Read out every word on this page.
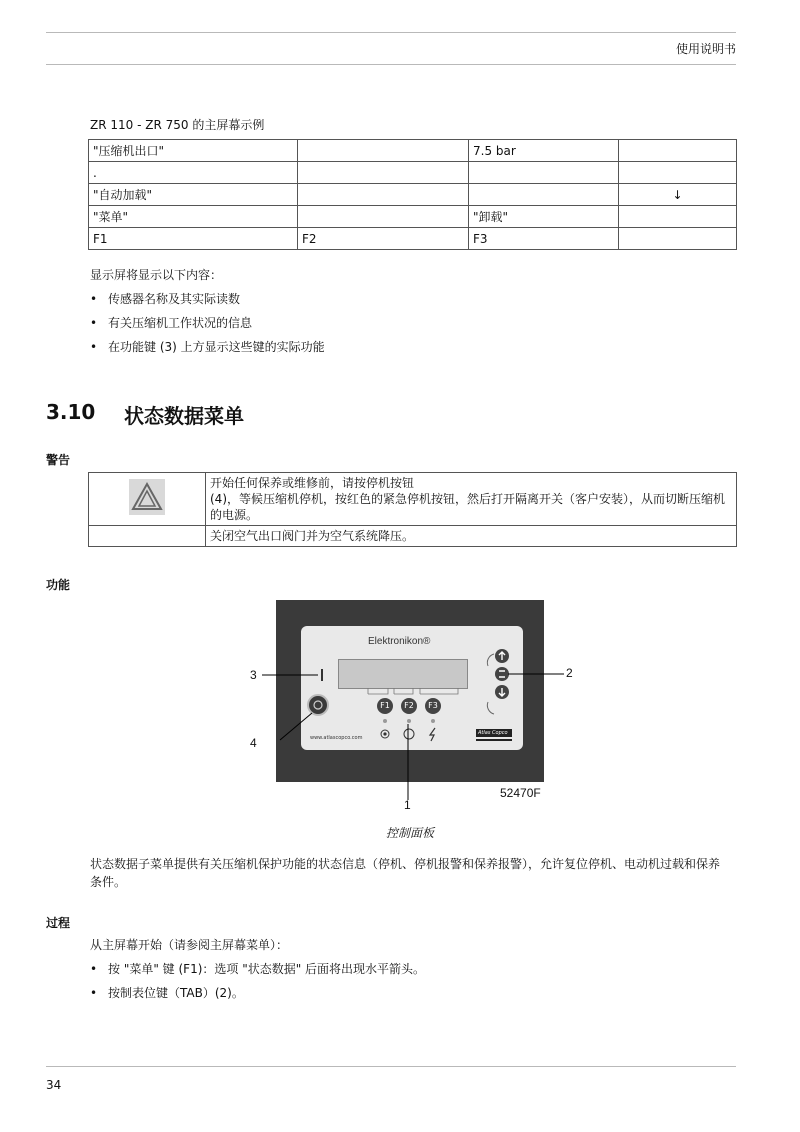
使用说明书
ZR 110 - ZR 750 的主屏幕示例
"压缩机出口"		7.5 bar	
.			
"自动加载"			↓
"菜单"		"卸载"	
F1	F2	F3	
显示屏将显示以下内容：
• 传感器名称及其实际读数
• 有关压缩机工作状况的信息
• 在功能键 (3) 上方显示这些键的实际功能
3.10 状态数据菜单
警告
	开始任何保养或维修前，请按停机按钮
(4)，等候压缩机停机，按红色的紧急停机按钮，然后打开隔离开关（客户安装），从而切断压缩机的电源。
	关闭空气出口阀门并为空气系统降压。
功能
Elektronikon®
F1	F2	F3
www.atlascopco.com
Atlas Copco
1
2
3
4
52470F
控制面板
状态数据子菜单提供有关压缩机保护功能的状态信息（停机、停机报警和保养报警），允许复位停机、电动机过载和保养条件。
过程
从主屏幕开始（请参阅主屏幕菜单）：
• 按 "菜单" 键 (F1)：选项 "状态数据" 后面将出现水平箭头。
• 按制表位键（TAB）(2)。
34
